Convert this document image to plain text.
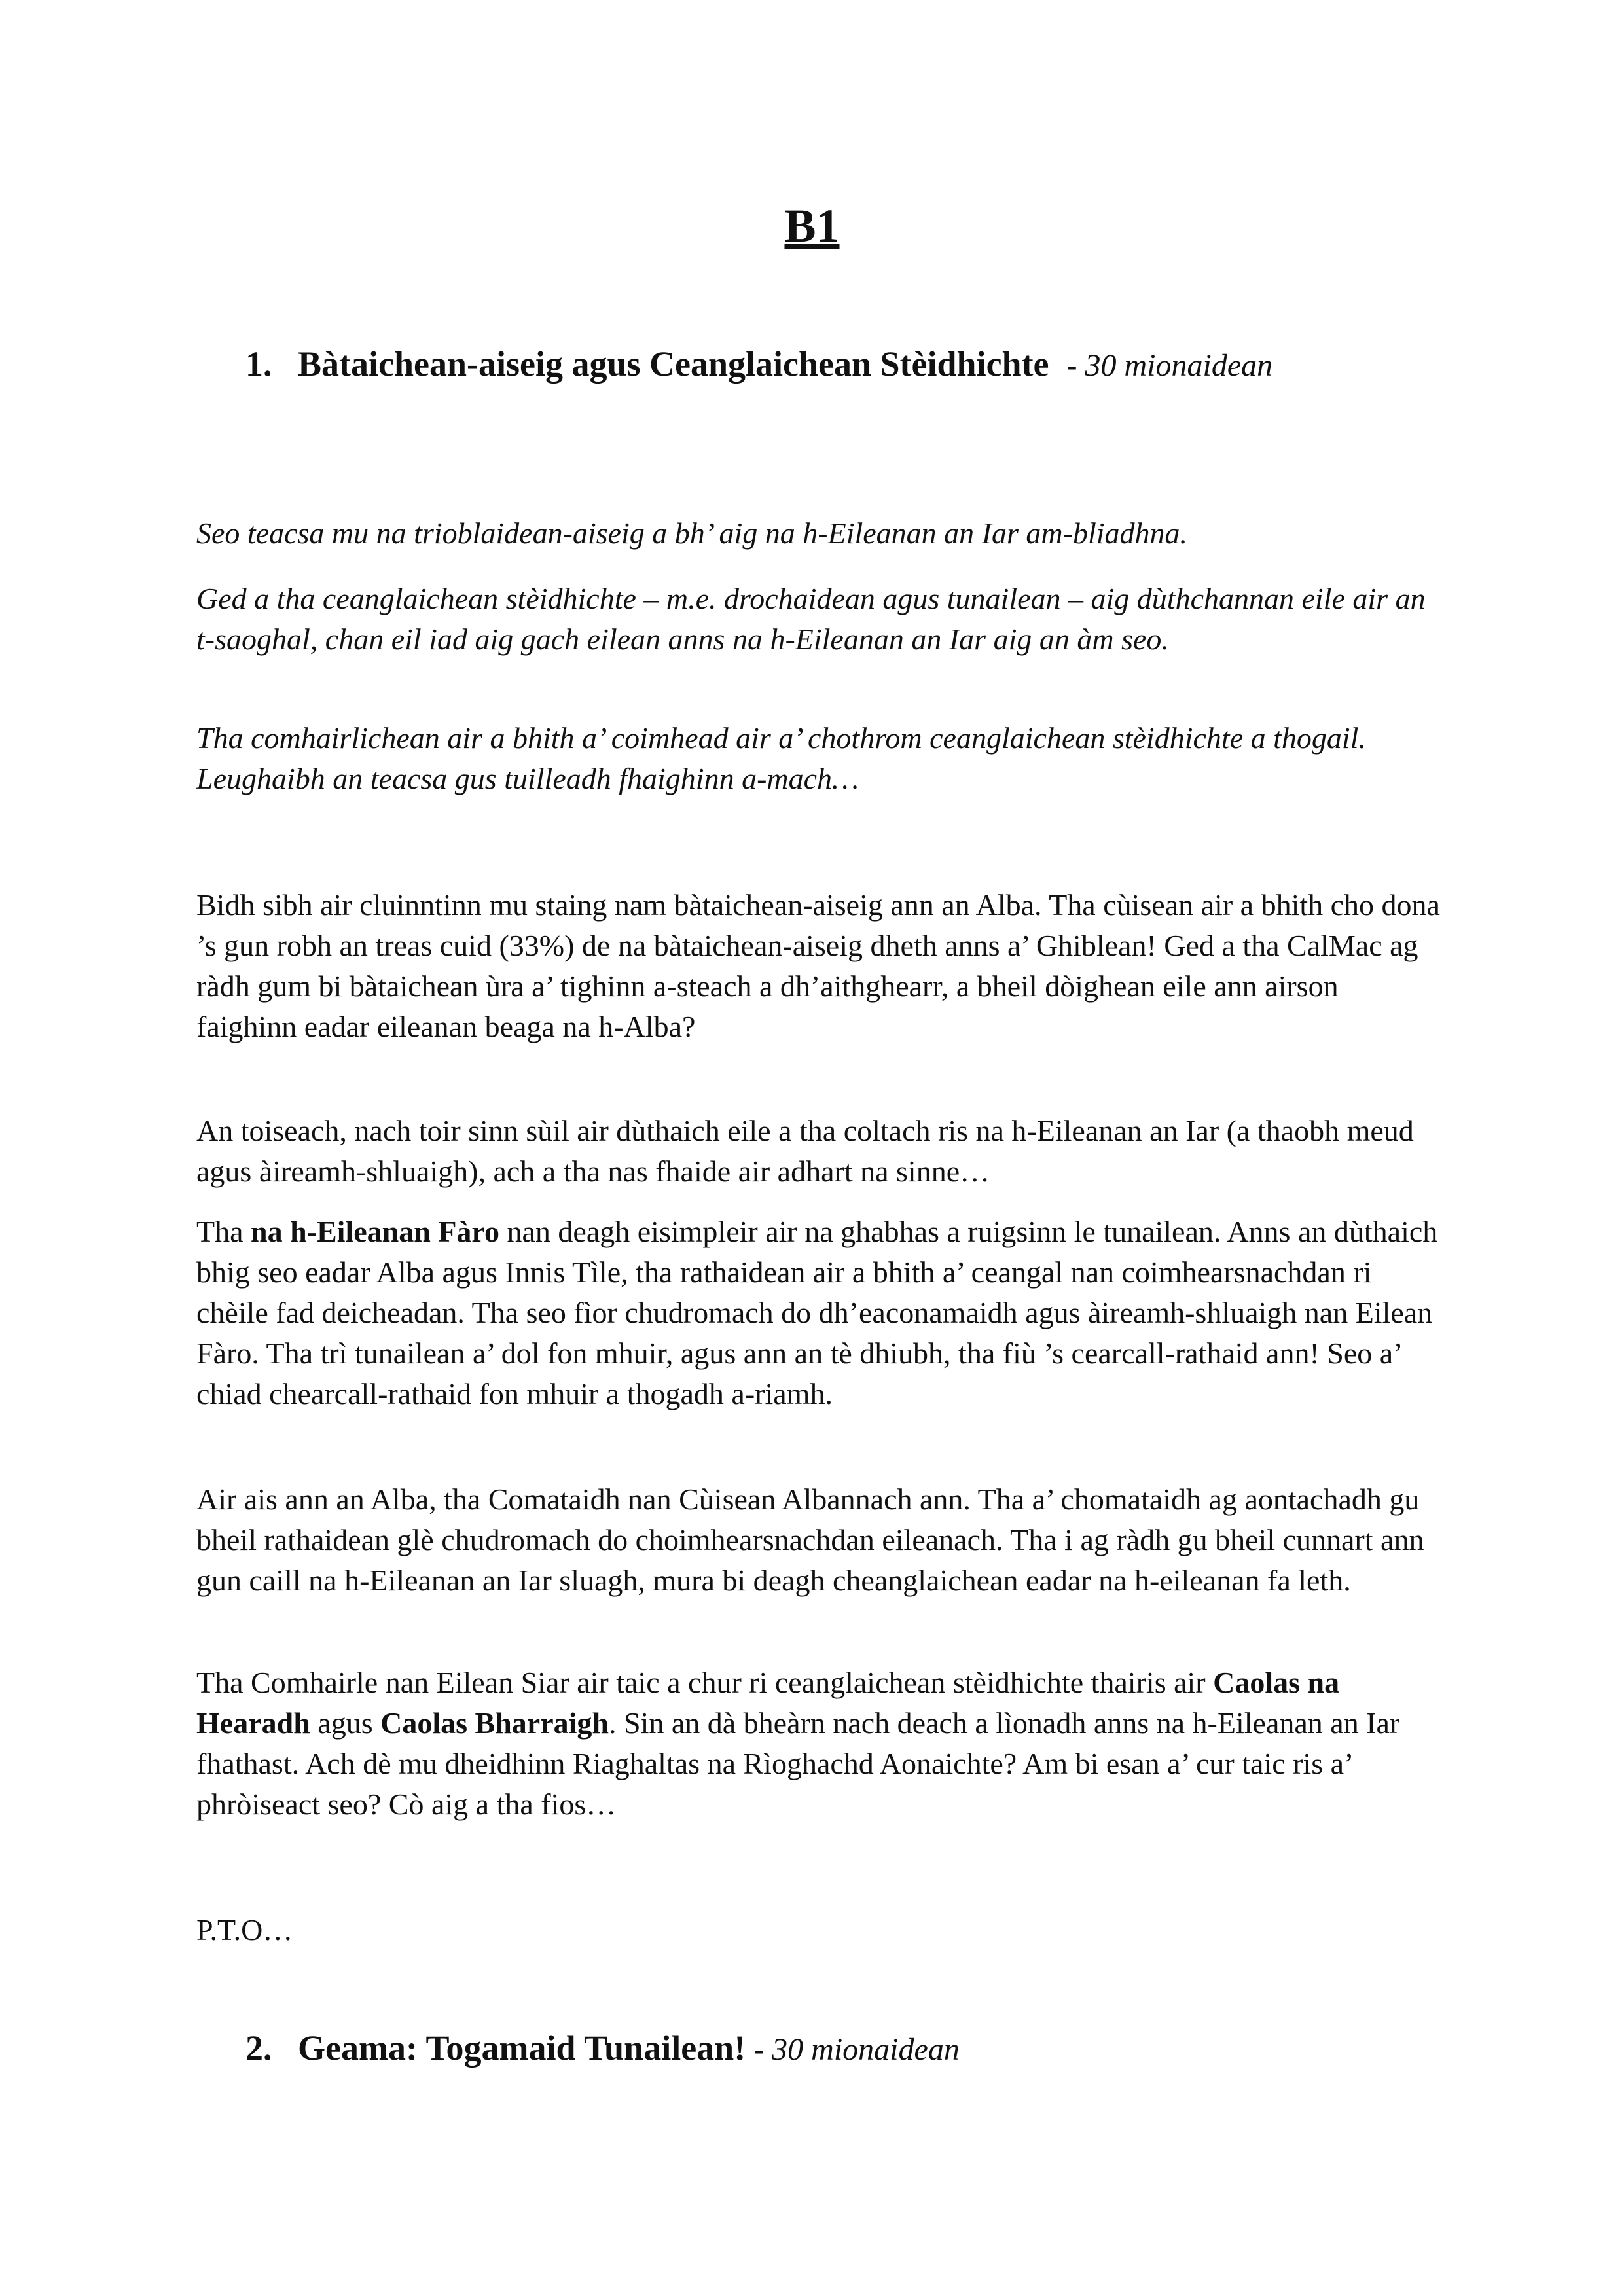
B1
1. Bàtaichean-aiseig agus Ceanglaichean Stèidhichte - 30 mionaidean

Seo teacsa mu na trioblaidean-aiseig a bh’ aig na h-Eileanan an Iar am-bliadhna.

Ged a tha ceanglaichean stèidhichte – m.e. drochaidean agus tunailean – aig dùthchannan eile air an t-saoghal, chan eil iad aig gach eilean anns na h-Eileanan an Iar aig an àm seo.

Tha comhairlichean air a bhith a’ coimhead air a’ chothrom ceanglaichean stèidhichte a thogail. Leughaibh an teacsa gus tuilleadh fhaighinn a-mach…

Bidh sibh air cluinntinn mu staing nam bàtaichean-aiseig ann an Alba. Tha cùisean air a bhith cho dona ’s gun robh an treas cuid (33%) de na bàtaichean-aiseig dheth anns a’ Ghiblean! Ged a tha CalMac ag ràdh gum bi bàtaichean ùra a’ tighinn a-steach a dh’aithghearr, a bheil dòighean eile ann airson faighinn eadar eileanan beaga na h-Alba?

An toiseach, nach toir sinn sùil air dùthaich eile a tha coltach ris na h-Eileanan an Iar (a thaobh meud agus àireamh-shluaigh), ach a tha nas fhaide air adhart na sinne…

Tha na h-Eileanan Fàro nan deagh eisimpleir air na ghabhas a ruigsinn le tunailean. Anns an dùthaich bhig seo eadar Alba agus Innis Tìle, tha rathaidean air a bhith a’ ceangal nan coimhearsnachdan ri chèile fad deicheadan. Tha seo fìor chudromach do dh’eaconamaidh agus àireamh-shluaigh nan Eilean Fàro. Tha trì tunailean a’ dol fon mhuir, agus ann an tè dhiubh, tha fiù ’s cearcall-rathaid ann! Seo a’ chiad chearcall-rathaid fon mhuir a thogadh a-riamh.

Air ais ann an Alba, tha Comataidh nan Cùisean Albannach ann. Tha a’ chomataidh ag aontachadh gu bheil rathaidean glè chudromach do choimhearsnachdan eileanach. Tha i ag ràdh gu bheil cunnart ann gun caill na h-Eileanan an Iar sluagh, mura bi deagh cheanglaichean eadar na h-eileanan fa leth.

Tha Comhairle nan Eilean Siar air taic a chur ri ceanglaichean stèidhichte thairis air Caolas na Hearadh agus Caolas Bharraigh. Sin an dà bheàrn nach deach a lìonadh anns na h-Eileanan an Iar fhathast. Ach dè mu dheidhinn Riaghaltas na Rìoghachd Aonaichte? Am bi esan a’ cur taic ris a’ phròiseact seo? Cò aig a tha fios…

P.T.O…

2. Geama: Togamaid Tunailean! - 30 mionaidean
